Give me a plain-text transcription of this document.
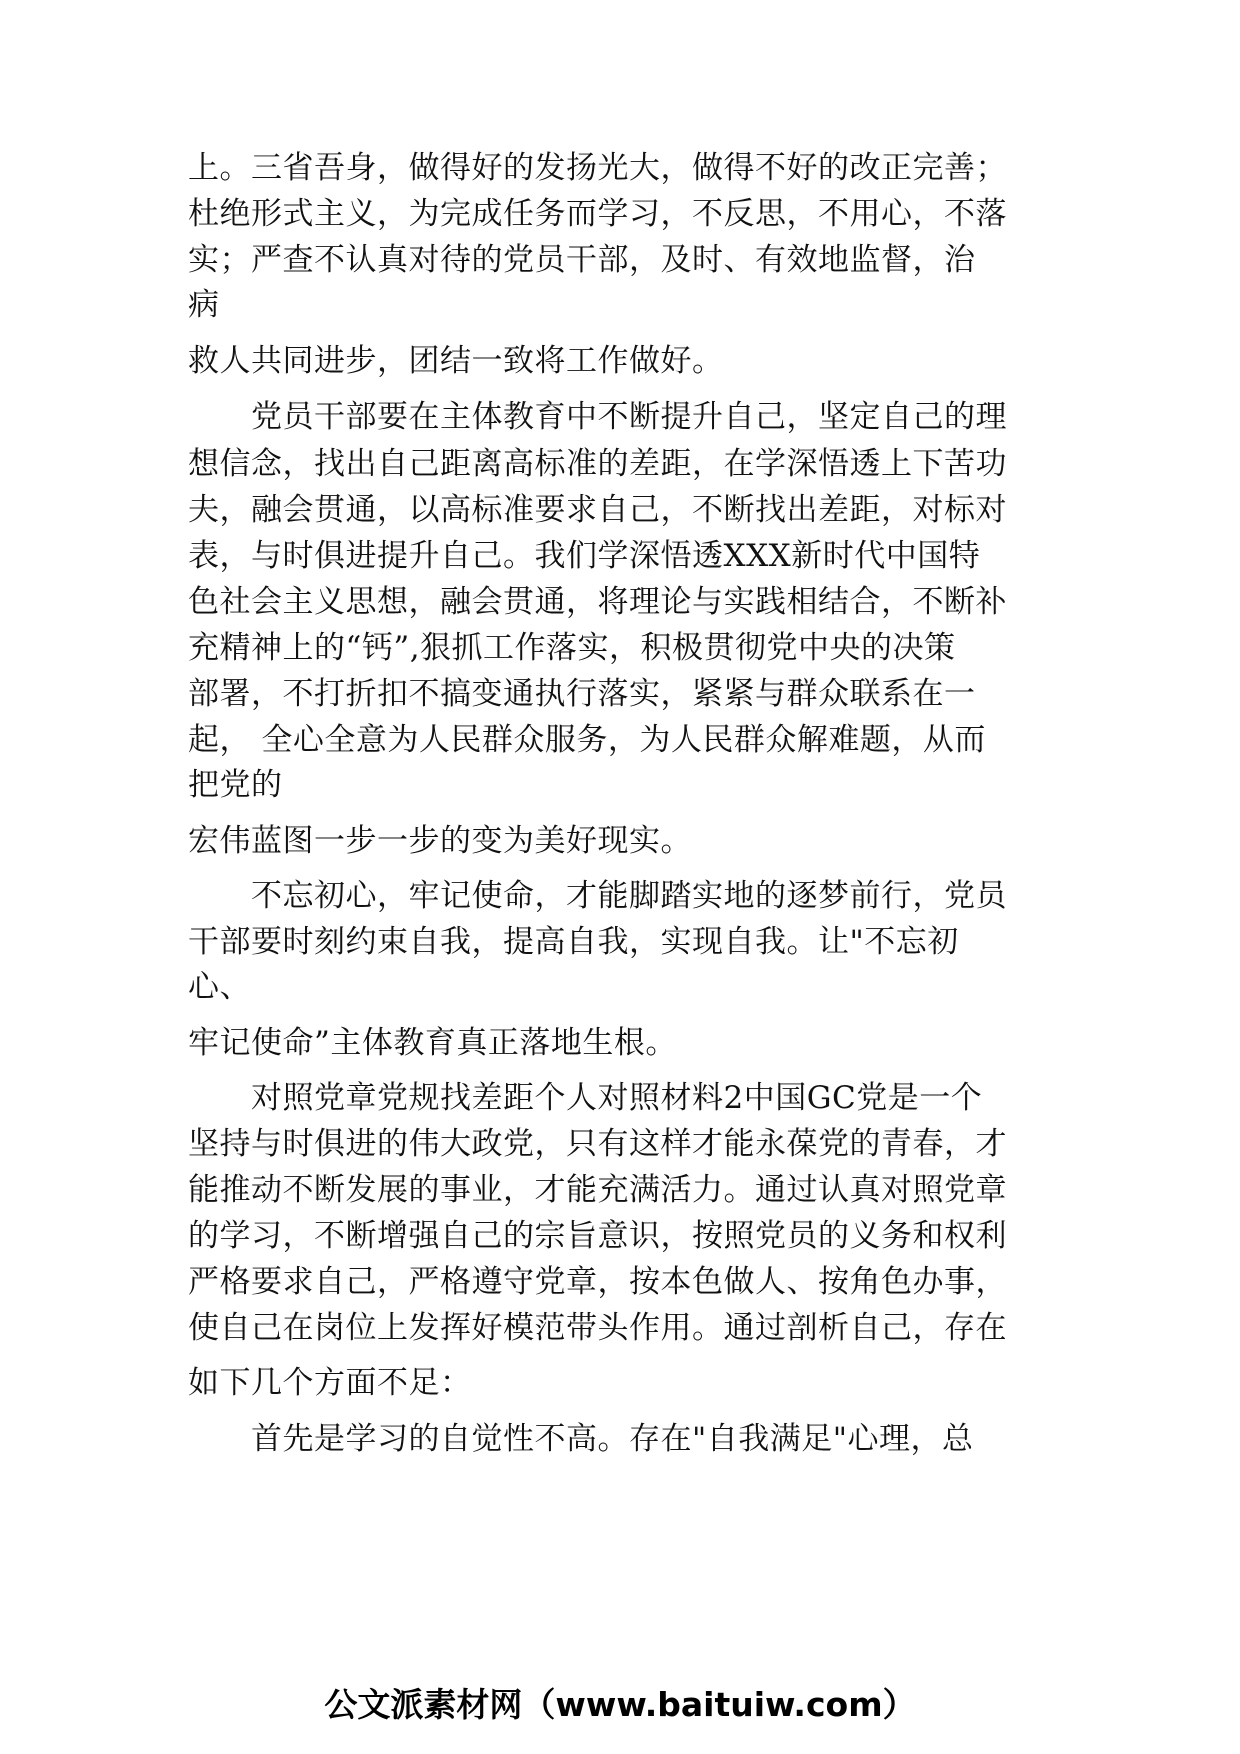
上。三省吾身，做得好的发扬光大，做得不好的改正完善；
杜绝形式主义，为完成任务而学习，不反思，不用心，不落
实；严查不认真对待的党员干部，及时、有效地监督，治
病
救人共同进步，团结一致将工作做好。
　　党员干部要在主体教育中不断提升自己，坚定自己的理
想信念，找出自己距离高标准的差距，在学深悟透上下苦功
夫，融会贯通，以高标准要求自己，不断找出差距，对标对
表，与时俱进提升自己。我们学深悟透XXX新时代中国特
色社会主义思想，融会贯通，将理论与实践相结合，不断补
充精神上的“钙”,狠抓工作落实，积极贯彻党中央的决策
部署，不打折扣不搞变通执行落实，紧紧与群众联系在一
起， 全心全意为人民群众服务，为人民群众解难题，从而
把党的
宏伟蓝图一步一步的变为美好现实。
　　不忘初心，牢记使命，才能脚踏实地的逐梦前行，党员
干部要时刻约束自我，提高自我，实现自我。让"不忘初
心、
牢记使命”主体教育真正落地生根。
　　对照党章党规找差距个人对照材料2中国GC党是一个
坚持与时俱进的伟大政党，只有这样才能永葆党的青春，才
能推动不断发展的事业，才能充满活力。通过认真对照党章
的学习，不断增强自己的宗旨意识，按照党员的义务和权利
严格要求自己，严格遵守党章，按本色做人、按角色办事，
使自己在岗位上发挥好模范带头作用。通过剖析自己，存在
如下几个方面不足：
　　首先是学习的自觉性不高。存在"自我满足"心理，总
公文派素材网（www.baituiw.com）
